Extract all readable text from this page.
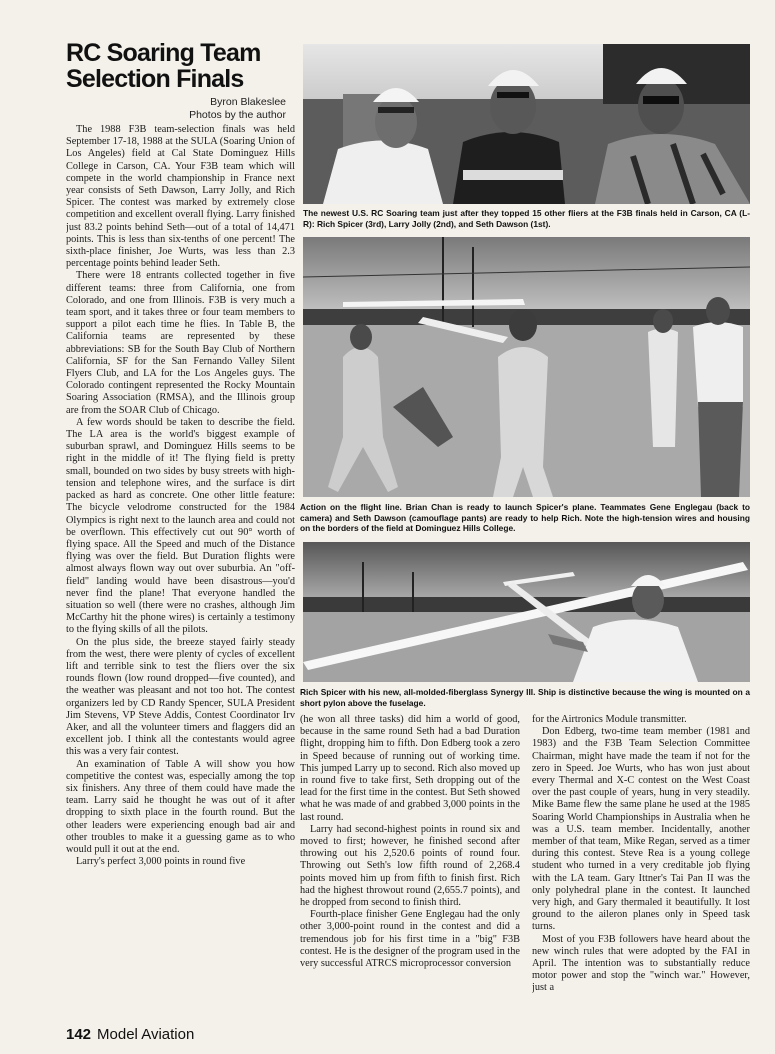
RC Soaring Team Selection Finals
Byron Blakeslee
Photos by the author

The 1988 F3B team-selection finals was held September 17-18, 1988 at the SULA (Soaring Union of Los Angeles) field at Cal State Dominguez Hills College in Carson, CA. Your F3B team which will compete in the world championship in France next year consists of Seth Dawson, Larry Jolly, and Rich Spicer. The contest was marked by extremely close competition and excellent overall flying. Larry finished just 83.2 points behind Seth—out of a total of 14,471 points. This is less than six-tenths of one percent! The sixth-place finisher, Joe Wurts, was less than 2.3 percentage points behind leader Seth.

There were 18 entrants collected together in five different teams: three from California, one from Colorado, and one from Illinois. F3B is very much a team sport, and it takes three or four team members to support a pilot each time he flies. In Table B, the California teams are represented by these abbreviations: SB for the South Bay Club of Northern California, SF for the San Fernando Valley Silent Flyers Club, and LA for the Los Angeles guys. The Colorado contingent represented the Rocky Mountain Soaring Association (RMSA), and the Illinois group are from the SOAR Club of Chicago.

A few words should be taken to describe the field. The LA area is the world's biggest example of suburban sprawl, and Dominguez Hills seems to be right in the middle of it! The flying field is pretty small, bounded on two sides by busy streets with high-tension and telephone wires, and the surface is dirt packed as hard as concrete. One other little feature: The bicycle velodrome constructed for the 1984 Olympics is right next to the launch area and could not be overflown. This effectively cut out 90° worth of flying space. All the Speed and much of the Distance flying was over the field. But Duration flights were almost always flown way out over suburbia. An "off-field" landing would have been disastrous—you'd never find the plane! That everyone handled the situation so well (there were no crashes, although Jim McCarthy hit the phone wires) is certainly a testimony to the flying skills of all the pilots.

On the plus side, the breeze stayed fairly steady from the west, there were plenty of cycles of excellent lift and terrible sink to test the fliers over the six rounds flown (low round dropped—five counted), and the weather was pleasant and not too hot. The contest organizers led by CD Randy Spencer, SULA President Jim Stevens, VP Steve Addis, Contest Coordinator Irv Aker, and all the volunteer timers and flaggers did an excellent job. I think all the contestants would agree this was a very fair contest.

An examination of Table A will show you how competitive the contest was, especially among the top six finishers. Any three of them could have made the team. Larry said he thought he was out of it after dropping to sixth place in the fourth round. But the other leaders were experiencing enough bad air and other troubles to make it a guessing game as to who would pull it out at the end.

Larry's perfect 3,000 points in round five

The newest U.S. RC Soaring team just after they topped 15 other fliers at the F3B finals held in Carson, CA (L-R): Rich Spicer (3rd), Larry Jolly (2nd), and Seth Dawson (1st).
Action on the flight line. Brian Chan is ready to launch Spicer's plane. Teammates Gene Englegau (back to camera) and Seth Dawson (camouflage pants) are ready to help Rich. Note the high-tension wires and housing on the borders of the field at Dominguez Hills College.
Rich Spicer with his new, all-molded-fiberglass Synergy III. Ship is distinctive because the wing is mounted on a short pylon above the fuselage.

(he won all three tasks) did him a world of good, because in the same round Seth had a bad Duration flight, dropping him to fifth. Don Edberg took a zero in Speed because of running out of working time. This jumped Larry up to second. Rich also moved up in round five to take first, Seth dropping out of the lead for the first time in the contest. But Seth showed what he was made of and grabbed 3,000 points in the last round.

Larry had second-highest points in round six and moved to first; however, he finished second after throwing out his 2,520.6 points of round four. Throwing out Seth's low fifth round of 2,268.4 points moved him up from fifth to finish first. Rich had the highest throwout round (2,655.7 points), and he dropped from second to finish third.

Fourth-place finisher Gene Englegau had the only other 3,000-point round in the contest and did a tremendous job for his first time in a "big" F3B contest. He is the designer of the program used in the very successful ATRCS microprocessor conversion

for the Airtronics Module transmitter.

Don Edberg, two-time team member (1981 and 1983) and the F3B Team Selection Committee Chairman, might have made the team if not for the zero in Speed. Joe Wurts, who has won just about every Thermal and X-C contest on the West Coast over the past couple of years, hung in very steadily. Mike Bame flew the same plane he used at the 1985 Soaring World Championships in Australia when he was a U.S. team member. Incidentally, another member of that team, Mike Regan, served as a timer during this contest. Steve Rea is a young college student who turned in a very creditable job flying with the LA team. Gary Ittner's Tai Pan II was the only polyhedral plane in the contest. It launched very high, and Gary thermaled it beautifully. It lost ground to the aileron planes only in Speed task turns.

Most of you F3B followers have heard about the new winch rules that were adopted by the FAI in April. The intention was to substantially reduce motor power and stop the "winch war." However, just a

142 Model Aviation
